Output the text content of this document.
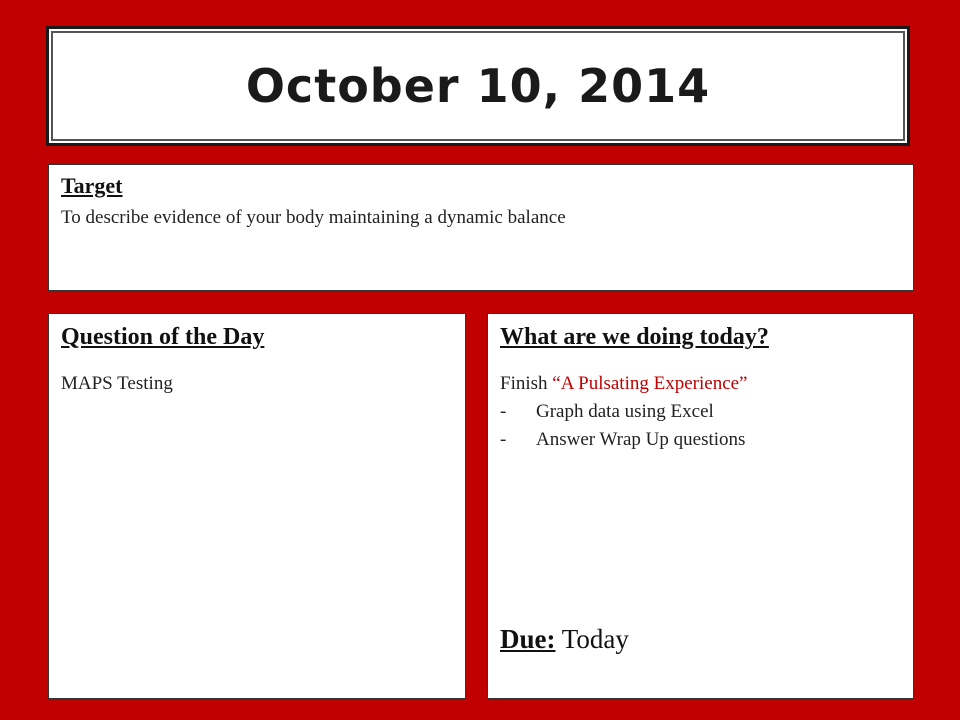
October 10, 2014

Target

To describe evidence of your body maintaining a dynamic balance

Question of the Day

MAPS Testing

What are we doing today?

Finish “A Pulsating Experience”
-	Graph data using Excel
-	Answer Wrap Up questions
Due: Today
